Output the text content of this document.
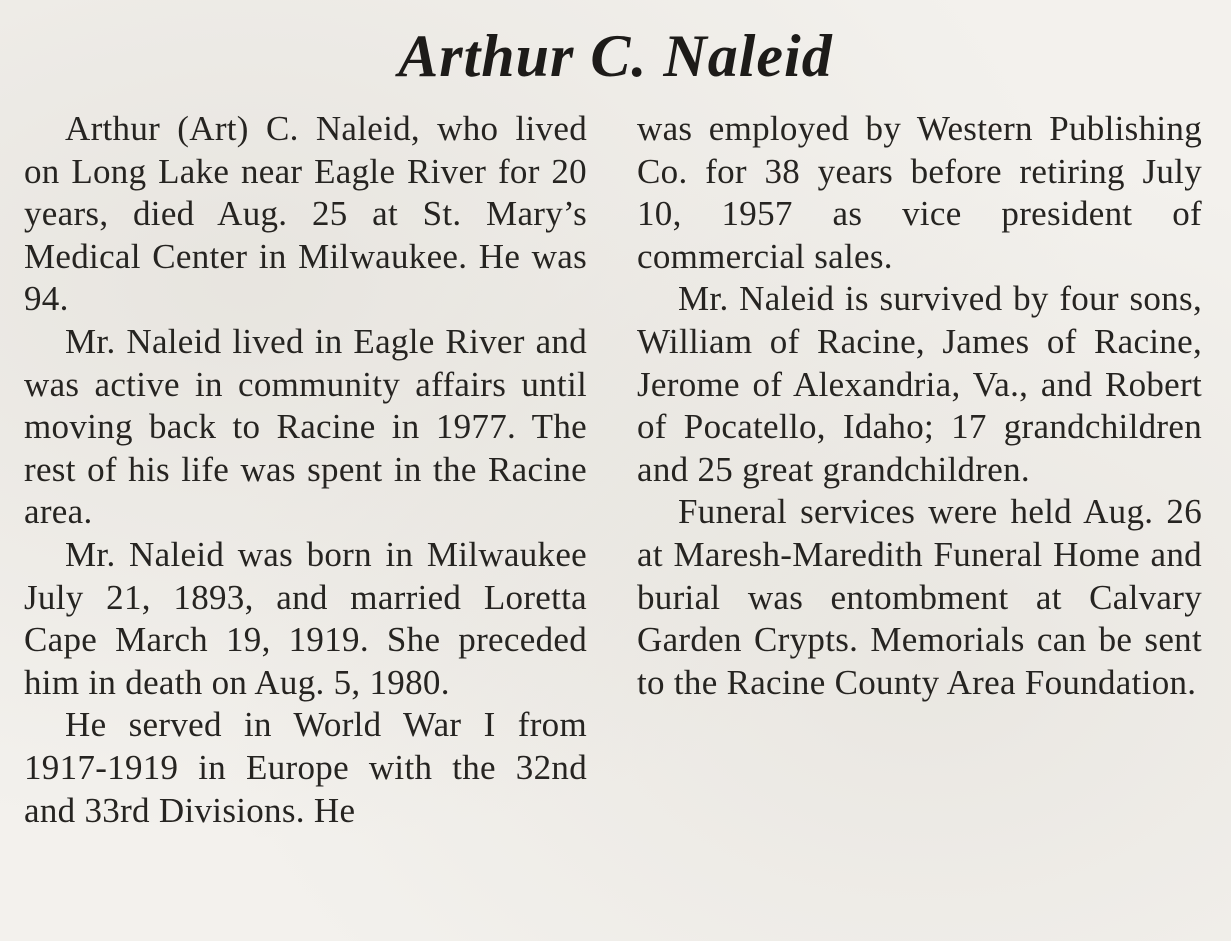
Arthur C. Naleid

Arthur (Art) C. Naleid, who lived on Long Lake near Eagle River for 20 years, died Aug. 25 at St. Mary’s Medical Center in Milwaukee. He was 94.

Mr. Naleid lived in Eagle River and was active in community affairs until moving back to Racine in 1977. The rest of his life was spent in the Racine area.

Mr. Naleid was born in Milwaukee July 21, 1893, and married Loretta Cape March 19, 1919. She preceded him in death on Aug. 5, 1980.

He served in World War I from 1917-1919 in Europe with the 32nd and 33rd Divisions. He

was employed by Western Publishing Co. for 38 years before retiring July 10, 1957 as vice president of commercial sales.

Mr. Naleid is survived by four sons, William of Racine, James of Racine, Jerome of Alexandria, Va., and Robert of Pocatello, Idaho; 17 grandchildren and 25 great grandchildren.

Funeral services were held Aug. 26 at Maresh-Maredith Funeral Home and burial was entombment at Calvary Garden Crypts. Memorials can be sent to the Racine County Area Foundation.
